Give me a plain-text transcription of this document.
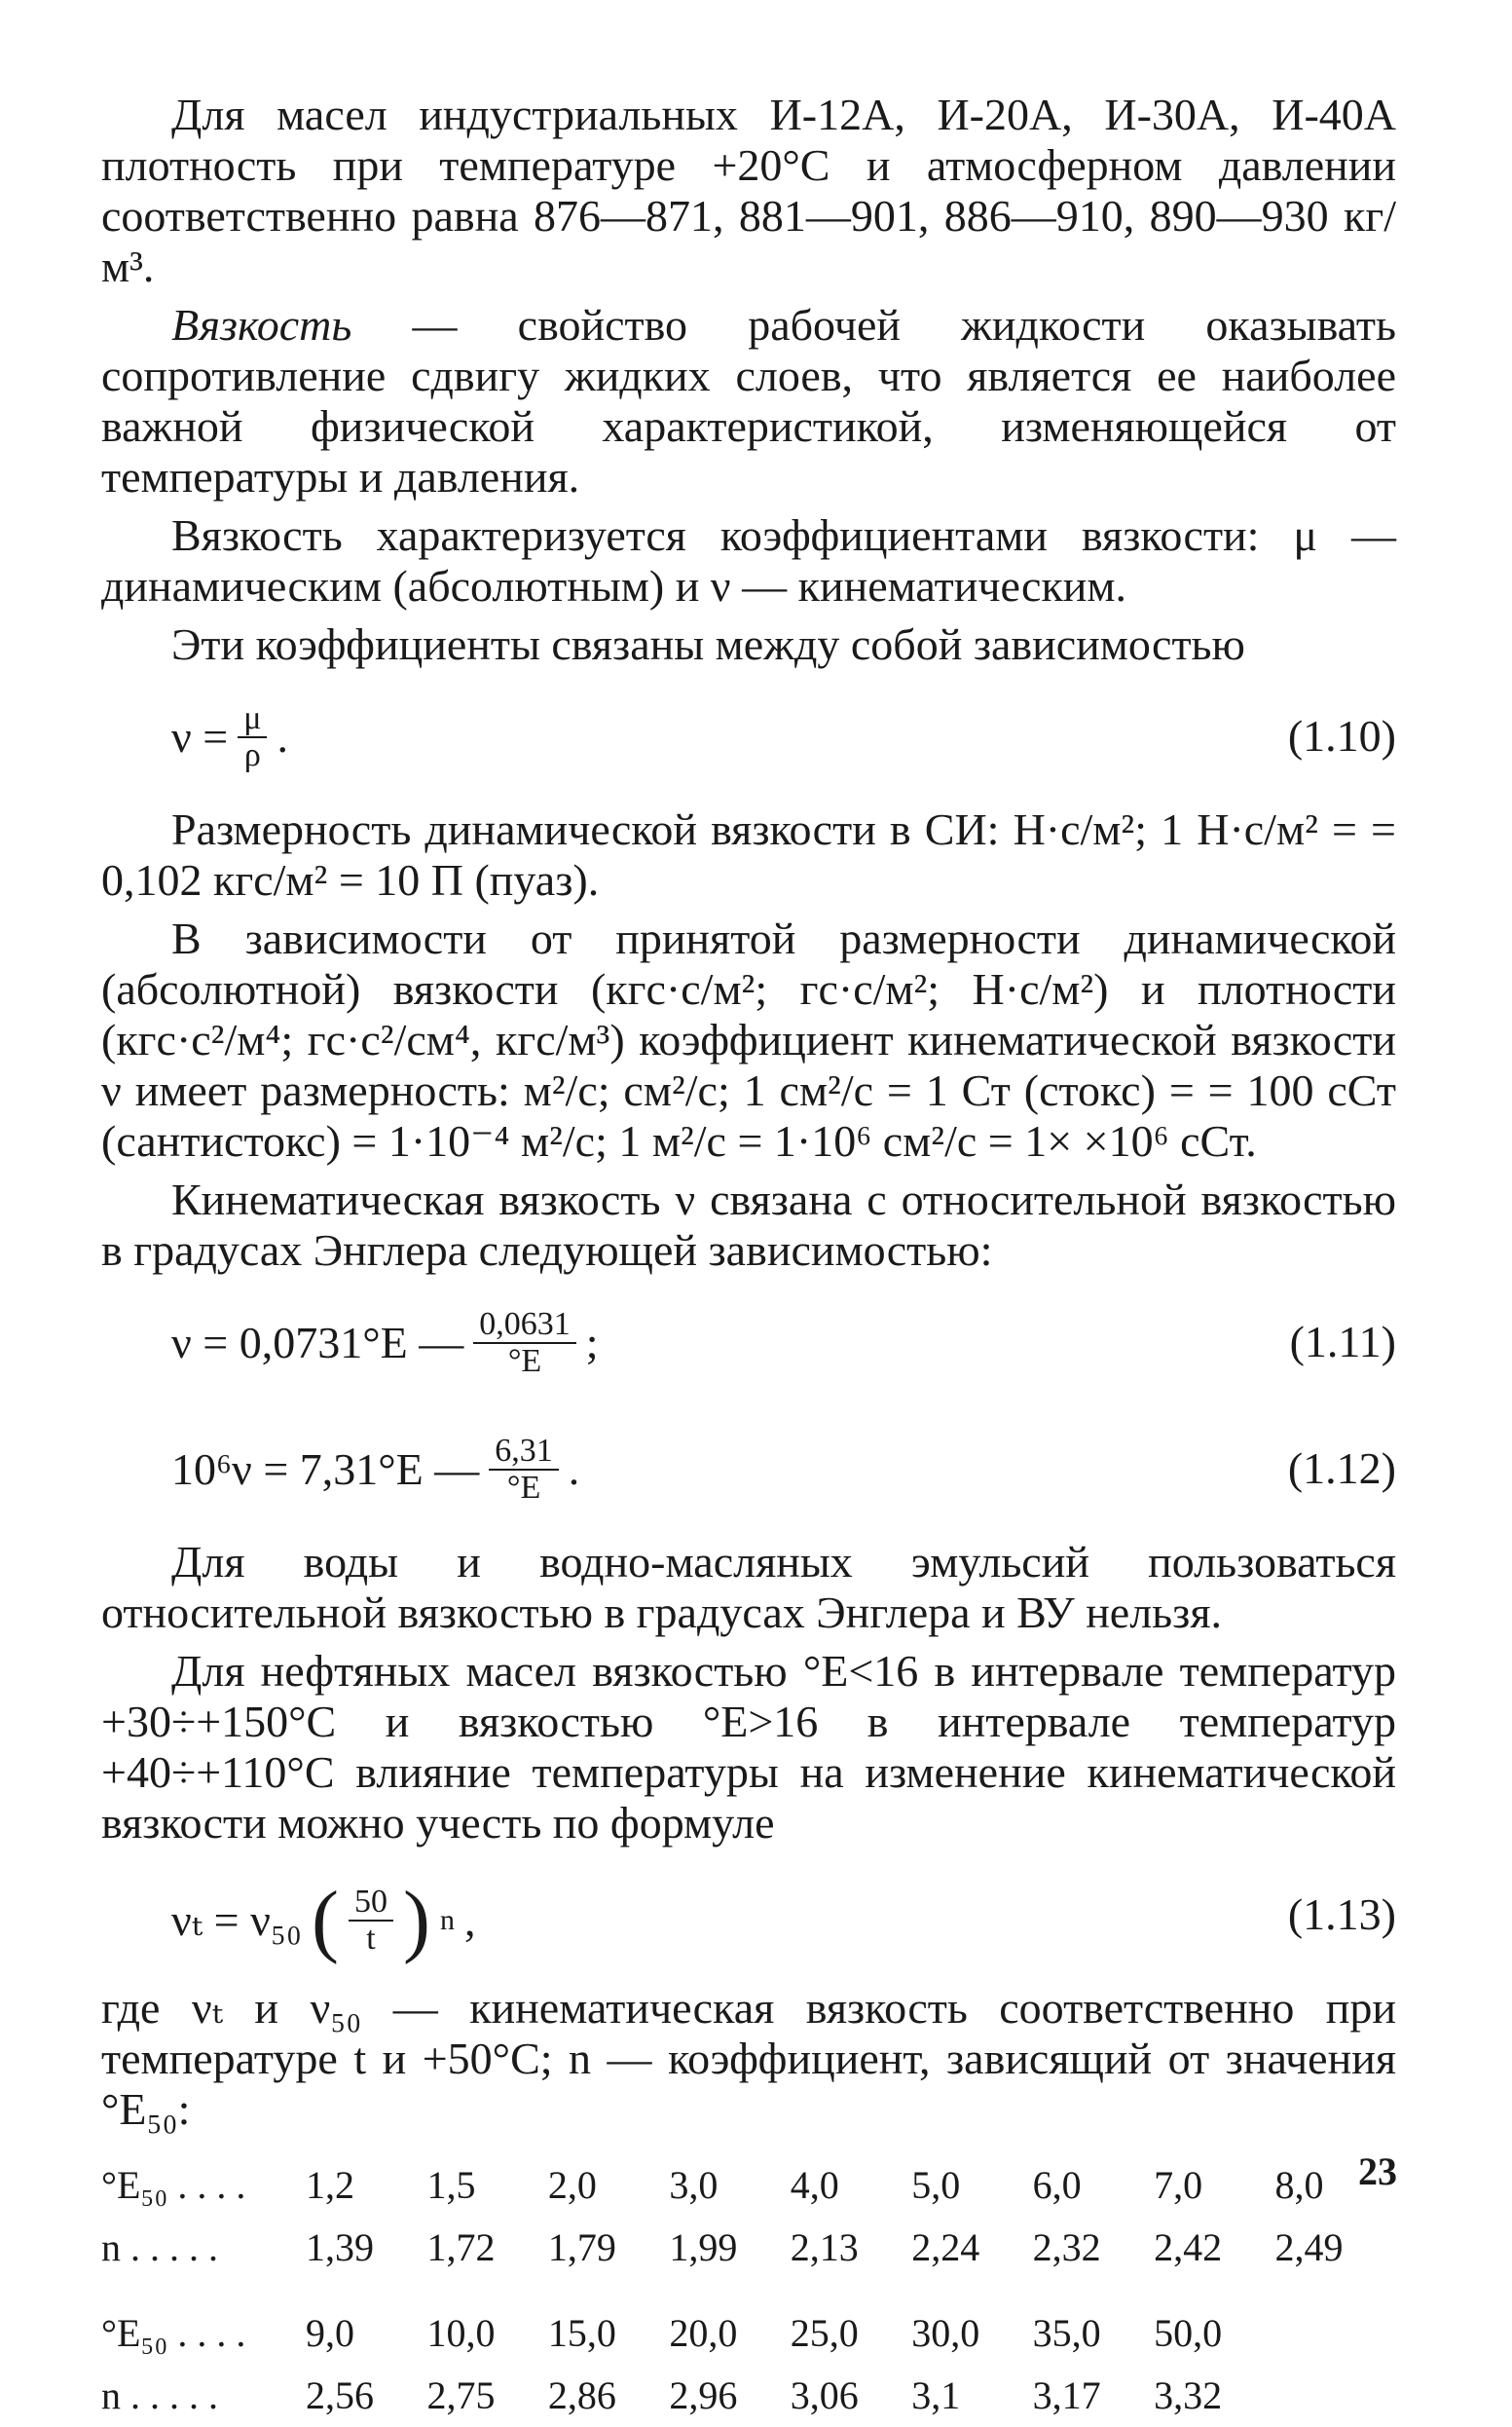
Для масел индустриальных И-12А, И-20А, И-30А, И-40А плотность при температуре +20°С и атмосферном давлении соответственно равна 876—871, 881—901, 886—910, 890—930 кг/м³.

Вязкость — свойство рабочей жидкости оказывать сопротивление сдвигу жидких слоев, что является ее наиболее важной физической характеристикой, изменяющейся от температуры и давления.

Вязкость характеризуется коэффициентами вязкости: μ — динамическим (абсолютным) и ν — кинематическим.

Эти коэффициенты связаны между собой зависимостью

$\nu = \frac{\mu}{\rho}$ .	(1.10)

Размерность динамической вязкости в СИ: Н·с/м²; 1 Н·с/м² = = 0,102 кгс/м² = 10 П (пуаз).

В зависимости от принятой размерности динамической (абсолютной) вязкости (кгс·с/м²; гс·с/м²; Н·с/м²) и плотности (кгс·с²/м⁴; гс·с²/см⁴, кгс/м³) коэффициент кинематической вязкости ν имеет размерность: м²/с; см²/с; 1 см²/с = 1 Ст (стокс) = = 100 сСт (сантистокс) = 1·10⁻⁴ м²/с; 1 м²/с = 1·10⁶ см²/с = 1× ×10⁶ сСт.

Кинематическая вязкость ν связана с относительной вязкостью в градусах Энглера следующей зависимостью:

ν = 0,0731°E — $\frac{0,0631}{^\circ E}$ ;	(1.11)
10⁶ν = 7,31°E — $\frac{6,31}{^\circ E}$ .	(1.12)

Для воды и водно-масляных эмульсий пользоваться относительной вязкостью в градусах Энглера и ВУ нельзя.

Для нефтяных масел вязкостью °E<16 в интервале температур +30÷+150°С и вязкостью °E>16 в интервале температур +40÷+110°С влияние температуры на изменение кинематической вязкости можно учесть по формуле

νₜ = ν₅₀ ( $\frac{50}{t}$ ) n ,	(1.13)

где νₜ и ν₅₀ — кинематическая вязкость соответственно при температуре t и +50°С; n — коэффициент, зависящий от значения °E₅₀:

°E₅₀ . . . .	1,2	1,5	2,0	3,0	4,0	5,0	6,0	7,0	8,0
n . . . . .	1,39	1,72	1,79	1,99	2,13	2,24	2,32	2,42	2,49
°E₅₀ . . . .	9,0	10,0	15,0	20,0	25,0	30,0	35,0	50,0	
n . . . . .	2,56	2,75	2,86	2,96	3,06	3,1	3,17	3,32	
23
